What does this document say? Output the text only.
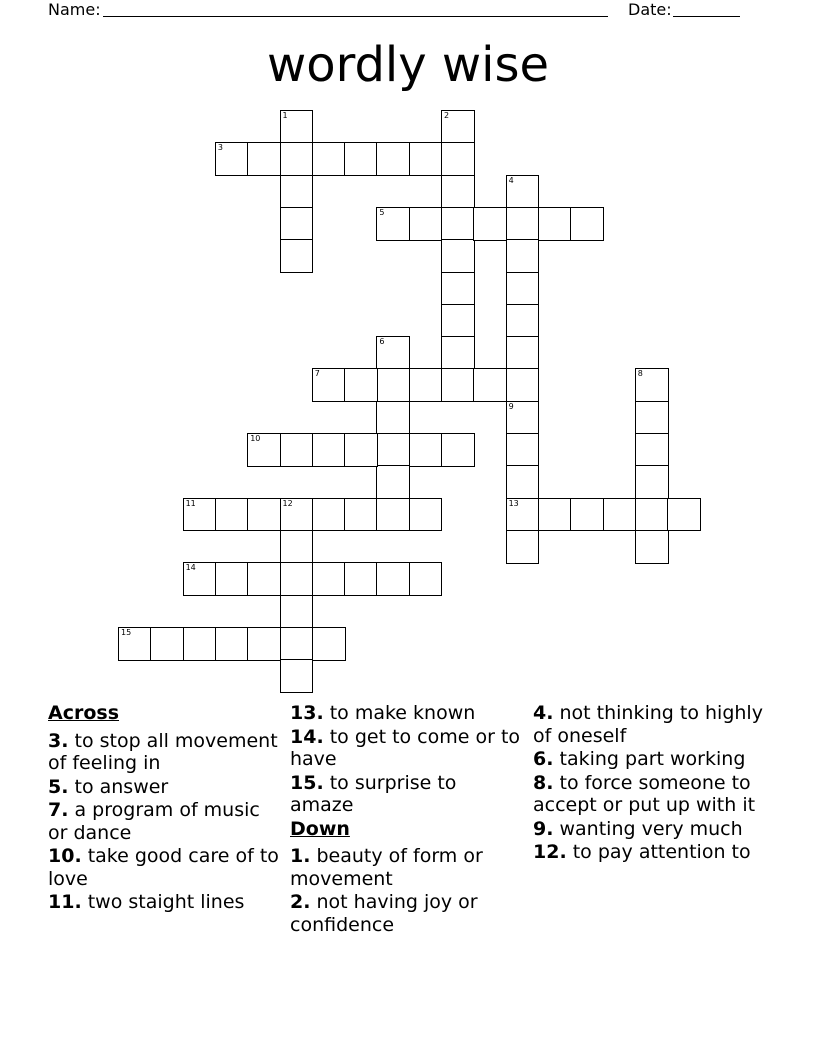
Name:	Date:
wordly wise
1	2
3
4
5
6
7	8
9
13
10
11	12
14
15
Across
3. to stop all movement of feeling in
5. to answer
7. a program of music or dance
10. take good care of to love
11. two staight lines
13. to make known
14. to get to come or to have
15. to surprise to amaze
Down
1. beauty of form or movement
2. not having joy or confidence
4. not thinking to highly of oneself
6. taking part working
8. to force someone to accept or put up with it
9. wanting very much
12. to pay attention to
